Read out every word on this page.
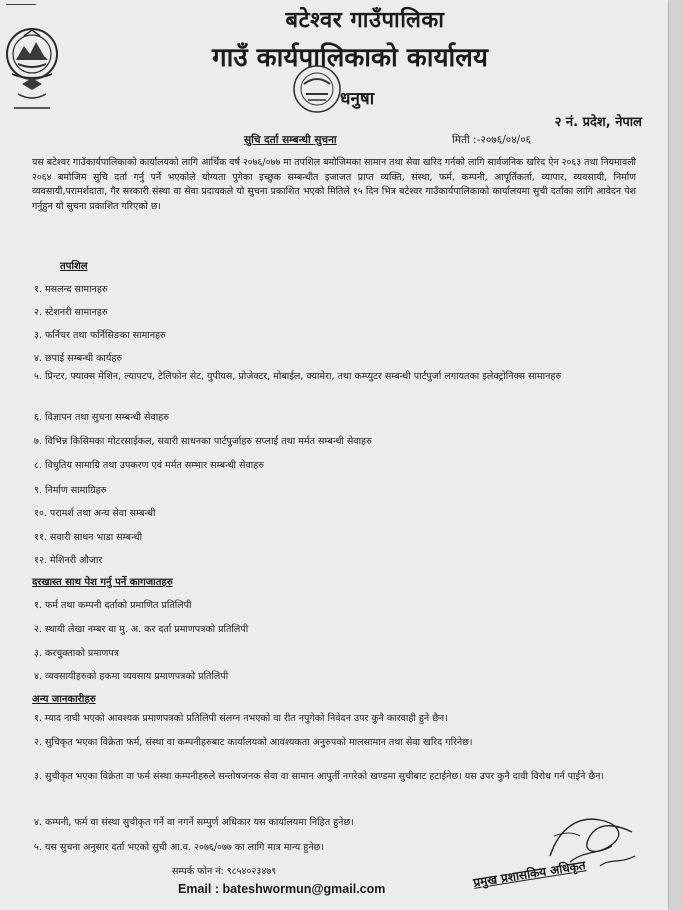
बटेश्वर गाउँपालिका
गाउँ कार्यपालिकाको कार्यालय
धनुषा
२ नं. प्रदेश, नेपाल
सुचि दर्ता सम्बन्धी सुचना	मिती :-२०७६/०४/०६
यस बटेश्वर गाउँकार्यपालिकाको कार्यालयको लागि आर्थिक वर्ष २०७६/०७७ मा तपशिल बमोजिमका सामान तथा सेवा खरिद गर्नको लागि सार्वजनिक खरिद ऐन २०६३ तथा नियमावली २०६४ बमोजिम सुचि दर्ता गर्नु पर्ने भएकोले योग्यता पुगेका इच्छुक सम्बन्धीत इजाजत प्राप्त व्यक्ति, संस्था, फर्म, कम्पनी, आपूर्तिकर्ता, व्यापार, व्यवसायी, निर्माण व्यवसायी,परामर्शदाता, गैर सरकारी संस्था वा सेवा प्रदायकले यो सुचना प्रकाशित भएको मितिले १५ दिन भित्र बटेश्वर गाउँकार्यपालिकाको कार्यालयमा सुची दर्ताका लागि आवेदन पेश गर्नुहुन यो सुचना प्रकाशित गरिएको छ।
तपशिल
१. मसलन्द सामानहरु
२. स्टेशनरी सामानहरु
३. फर्निचर तथा फर्निसिङका सामानहरु
४. छपाई सम्बन्धी कार्यहरु
५. प्रिन्टर, फ्याक्स मेशिन, ल्यापटप, टेलिफोन सेट, युपीयस, प्रोजेक्टर, मोबाईल, क्यामेरा, तथा कम्प्युटर सम्बन्धी पार्टपुर्जा लगायतका इलेक्ट्रोनिक्स सामानहरु
६. विज्ञापन तथा सुचना सम्बन्धी सेवाहरु
७. विभिन्न किसिमका मोटरसाईकल, सवारी साधनका पार्टपुर्जाहरु सप्लाई तथा मर्मत सम्बन्धी सेवाहरु
८. विधुतिय सामाग्रि तथा उपकरण एवं मर्मत सम्भार सम्बन्धी सेवाहरु
९. निर्माण सामाग्रिहरु
१०. परामर्श तथा अन्य सेवा सम्बन्धी
११. सवारी साधन भाडा सम्बन्धी
१२. मेशिनरी औजार
दरखास्त साथ पेश गर्नु पर्ने कागजातहरु
१. फर्म तथा कम्पनी दर्ताको प्रमाणित प्रतिलिपी
२. स्थायी लेखा नम्बर वा मु. अ. कर दर्ता प्रमाणपत्रको प्रतिलिपी
३. करचुक्ताको प्रमाणपत्र
४. व्यवसायीहरुको हकमा व्यवसाय प्रमाणपत्रको प्रतिलिपी
अन्य जानकारीहरु
१. म्याद नाघी भएको आवश्यक प्रमाणपत्रको प्रतिलिपी संलग्न नभएको वा रीत नपुगेको निवेदन उपर कुनै कारवाही हुने छैन।
२. सुचिकृत भएका विक्रेता फर्म, संस्था वा कम्पनीहरुबाट कार्यालयको आवश्यकता अनुरुपको मालसामान तथा सेवा खरिद गरिनेछ।
३. सुचीकृत भएका विक्रेता वा फर्म संस्था कम्पनीहरुले सन्तोषजनक सेवा वा सामान आपुर्ती नगरेको खण्डमा सुचीबाट हटाईनेछ। यस उपर कुनै दावी विरोध गर्न पाईने छैन।
४. कम्पनी, फर्म वा संस्था सुचीकृत गर्ने वा नगर्ने सम्पुर्ण अधिकार यस कार्यालयमा निहित हुनेछ।
५. यस सुचना अनुसार दर्ता भएको सुची आ.व. २०७६/०७७ का लागि मात्र मान्य हुनेछ।
सम्पर्क फोन नं: ९८५४०२३४७९
Email : bateshwormun@gmail.com	प्रमुख प्रशासकिय अधिकृत
